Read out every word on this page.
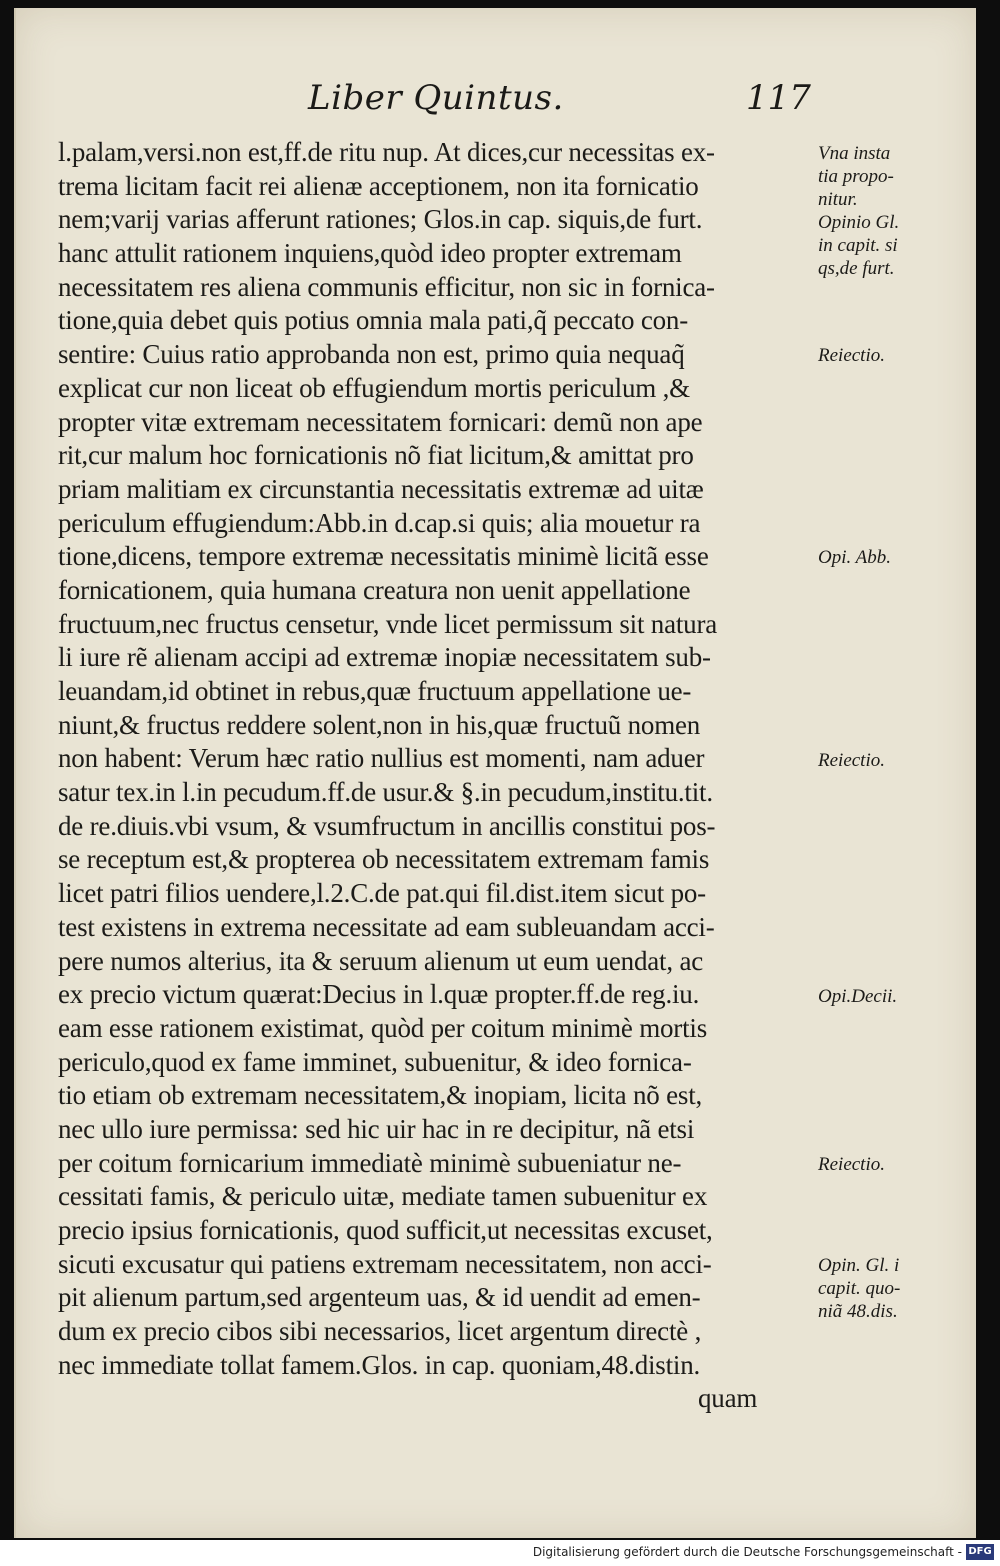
Liber Quintus.	117
l.palam,versi.non est,ff.de ritu nup. At dices,cur necessitas ex-
trema licitam facit rei alienæ acceptionem, non ita fornicatio
nem;varij varias afferunt rationes; Glos.in cap. siquis,de furt.
hanc attulit rationem inquiens,quòd ideo propter extremam
necessitatem res aliena communis efficitur, non sic in fornica-
tione,quia debet quis potius omnia mala pati,q̃ peccato con-
sentire: Cuius ratio approbanda non est, primo quia nequaq̃
explicat cur non liceat ob effugiendum mortis periculum ,&
propter vitæ extremam necessitatem fornicari: demũ non ape
rit,cur malum hoc fornicationis nõ fiat licitum,& amittat pro
priam malitiam ex circunstantia necessitatis extremæ ad uitæ
periculum effugiendum:Abb.in d.cap.si quis; alia mouetur ra
tione,dicens, tempore extremæ necessitatis minimè licitã esse
fornicationem, quia humana creatura non uenit appellatione
fructuum,nec fructus censetur, vnde licet permissum sit natura
li iure rẽ alienam accipi ad extremæ inopiæ necessitatem sub-
leuandam,id obtinet in rebus,quæ fructuum appellatione ue-
niunt,& fructus reddere solent,non in his,quæ fructuũ nomen
non habent: Verum hæc ratio nullius est momenti, nam aduer
satur tex.in l.in pecudum.ff.de usur.& §.in pecudum,institu.tit.
de re.diuis.vbi vsum, & vsumfructum in ancillis constitui pos-
se receptum est,& propterea ob necessitatem extremam famis
licet patri filios uendere,l.2.C.de pat.qui fil.dist.item sicut po-
test existens in extrema necessitate ad eam subleuandam acci-
pere numos alterius, ita & seruum alienum ut eum uendat, ac
ex precio victum quærat:Decius in l.quæ propter.ff.de reg.iu.
eam esse rationem existimat, quòd per coitum minimè mortis
periculo,quod ex fame imminet, subuenitur, & ideo fornica-
tio etiam ob extremam necessitatem,& inopiam, licita nõ est,
nec ullo iure permissa: sed hic uir hac in re decipitur, nã etsi
per coitum fornicarium immediatè minimè subueniatur ne-
cessitati famis, & periculo uitæ, mediate tamen subuenitur ex
precio ipsius fornicationis, quod sufficit,ut necessitas excuset,
sicuti excusatur qui patiens extremam necessitatem, non acci-
pit alienum partum,sed argenteum uas, & id uendit ad emen-
dum ex precio cibos sibi necessarios, licet argentum directè ,
nec immediate tollat famem.Glos. in cap. quoniam,48.distin.
quam
Vna insta
tia propo-
nitur.
Opinio Gl.
in capit. si
qs,de furt.
Reiectio.
Opi. Abb.
Reiectio.
Opi.Decii.
Reiectio.
Opin. Gl. i
capit. quo-
niã 48.dis.
Digitalisierung gefördert durch die Deutsche Forschungsgemeinschaft - DFG
